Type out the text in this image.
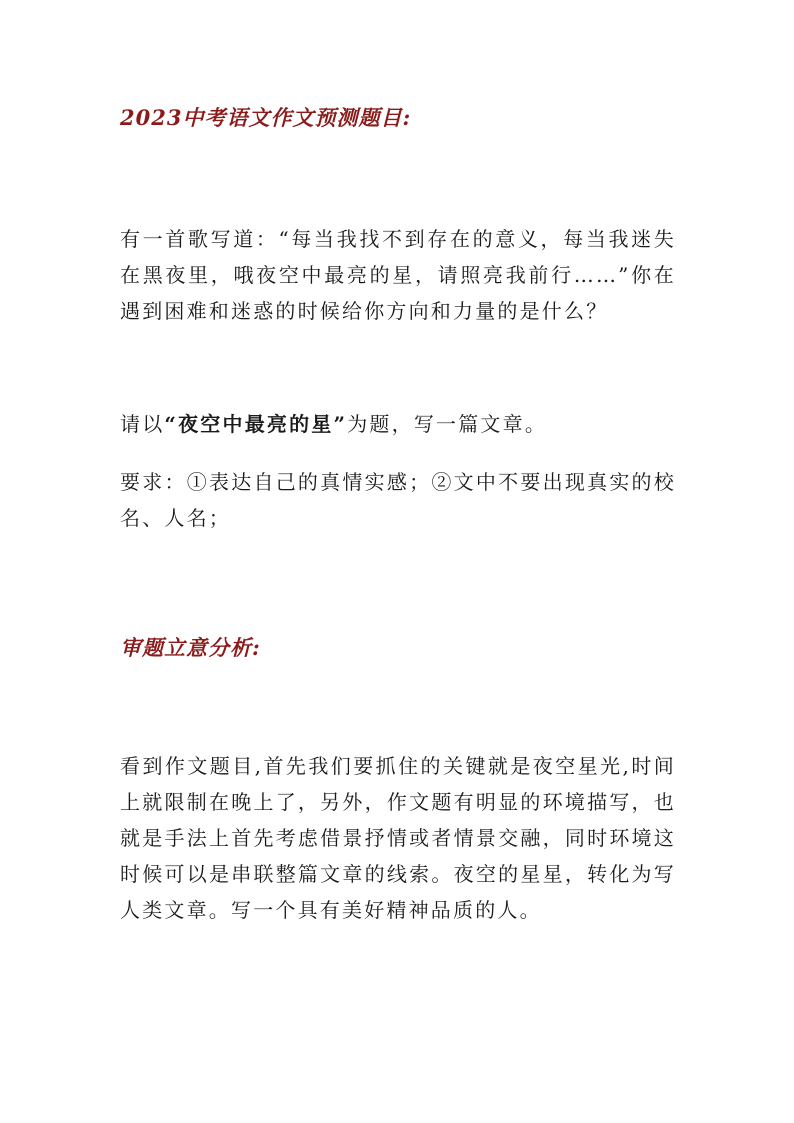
2023中考语文作文预测题目:

有一首歌写道：“每当我找不到存在的意义，每当我迷失在黑夜里，哦夜空中最亮的星，请照亮我前行……”你在遇到困难和迷惑的时候给你方向和力量的是什么？

请以“夜空中最亮的星”为题，写一篇文章。

要求：①表达自己的真情实感；②文中不要出现真实的校名、人名；

审题立意分析:

看到作文题目,首先我们要抓住的关键就是夜空星光,时间上就限制在晚上了，另外，作文题有明显的环境描写，也就是手法上首先考虑借景抒情或者情景交融，同时环境这时候可以是串联整篇文章的线索。夜空的星星，转化为写人类文章。写一个具有美好精神品质的人。
